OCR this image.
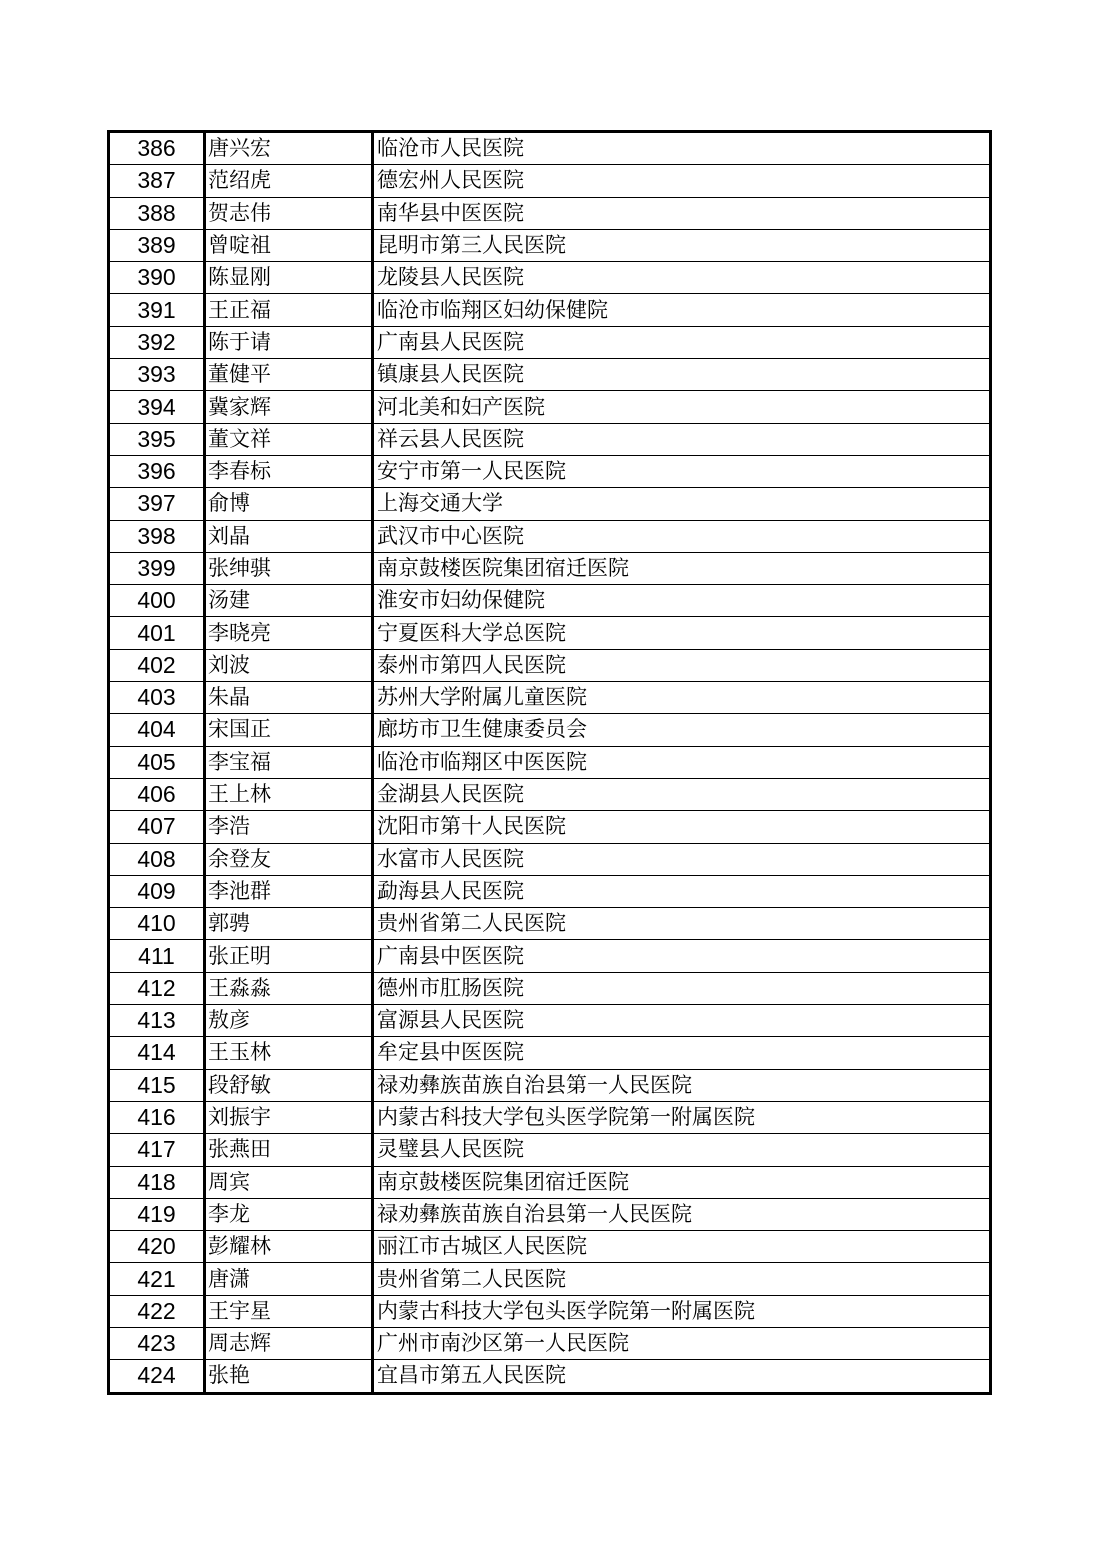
386	唐兴宏	临沧市人民医院
387	范绍虎	德宏州人民医院
388	贺志伟	南华县中医医院
389	曾啶祖	昆明市第三人民医院
390	陈显刚	龙陵县人民医院
391	王正福	临沧市临翔区妇幼保健院
392	陈于请	广南县人民医院
393	董健平	镇康县人民医院
394	冀家辉	河北美和妇产医院
395	董文祥	祥云县人民医院
396	李春标	安宁市第一人民医院
397	俞博	上海交通大学
398	刘晶	武汉市中心医院
399	张绅骐	南京鼓楼医院集团宿迁医院
400	汤建	淮安市妇幼保健院
401	李晓亮	宁夏医科大学总医院
402	刘波	泰州市第四人民医院
403	朱晶	苏州大学附属儿童医院
404	宋国正	廊坊市卫生健康委员会
405	李宝福	临沧市临翔区中医医院
406	王上林	金湖县人民医院
407	李浩	沈阳市第十人民医院
408	余登友	水富市人民医院
409	李池群	勐海县人民医院
410	郭骋	贵州省第二人民医院
411	张正明	广南县中医医院
412	王淼淼	德州市肛肠医院
413	敖彦	富源县人民医院
414	王玉林	牟定县中医医院
415	段舒敏	禄劝彝族苗族自治县第一人民医院
416	刘振宇	内蒙古科技大学包头医学院第一附属医院
417	张燕田	灵璧县人民医院
418	周宾	南京鼓楼医院集团宿迁医院
419	李龙	禄劝彝族苗族自治县第一人民医院
420	彭耀林	丽江市古城区人民医院
421	唐潇	贵州省第二人民医院
422	王宇星	内蒙古科技大学包头医学院第一附属医院
423	周志辉	广州市南沙区第一人民医院
424	张艳	宜昌市第五人民医院
